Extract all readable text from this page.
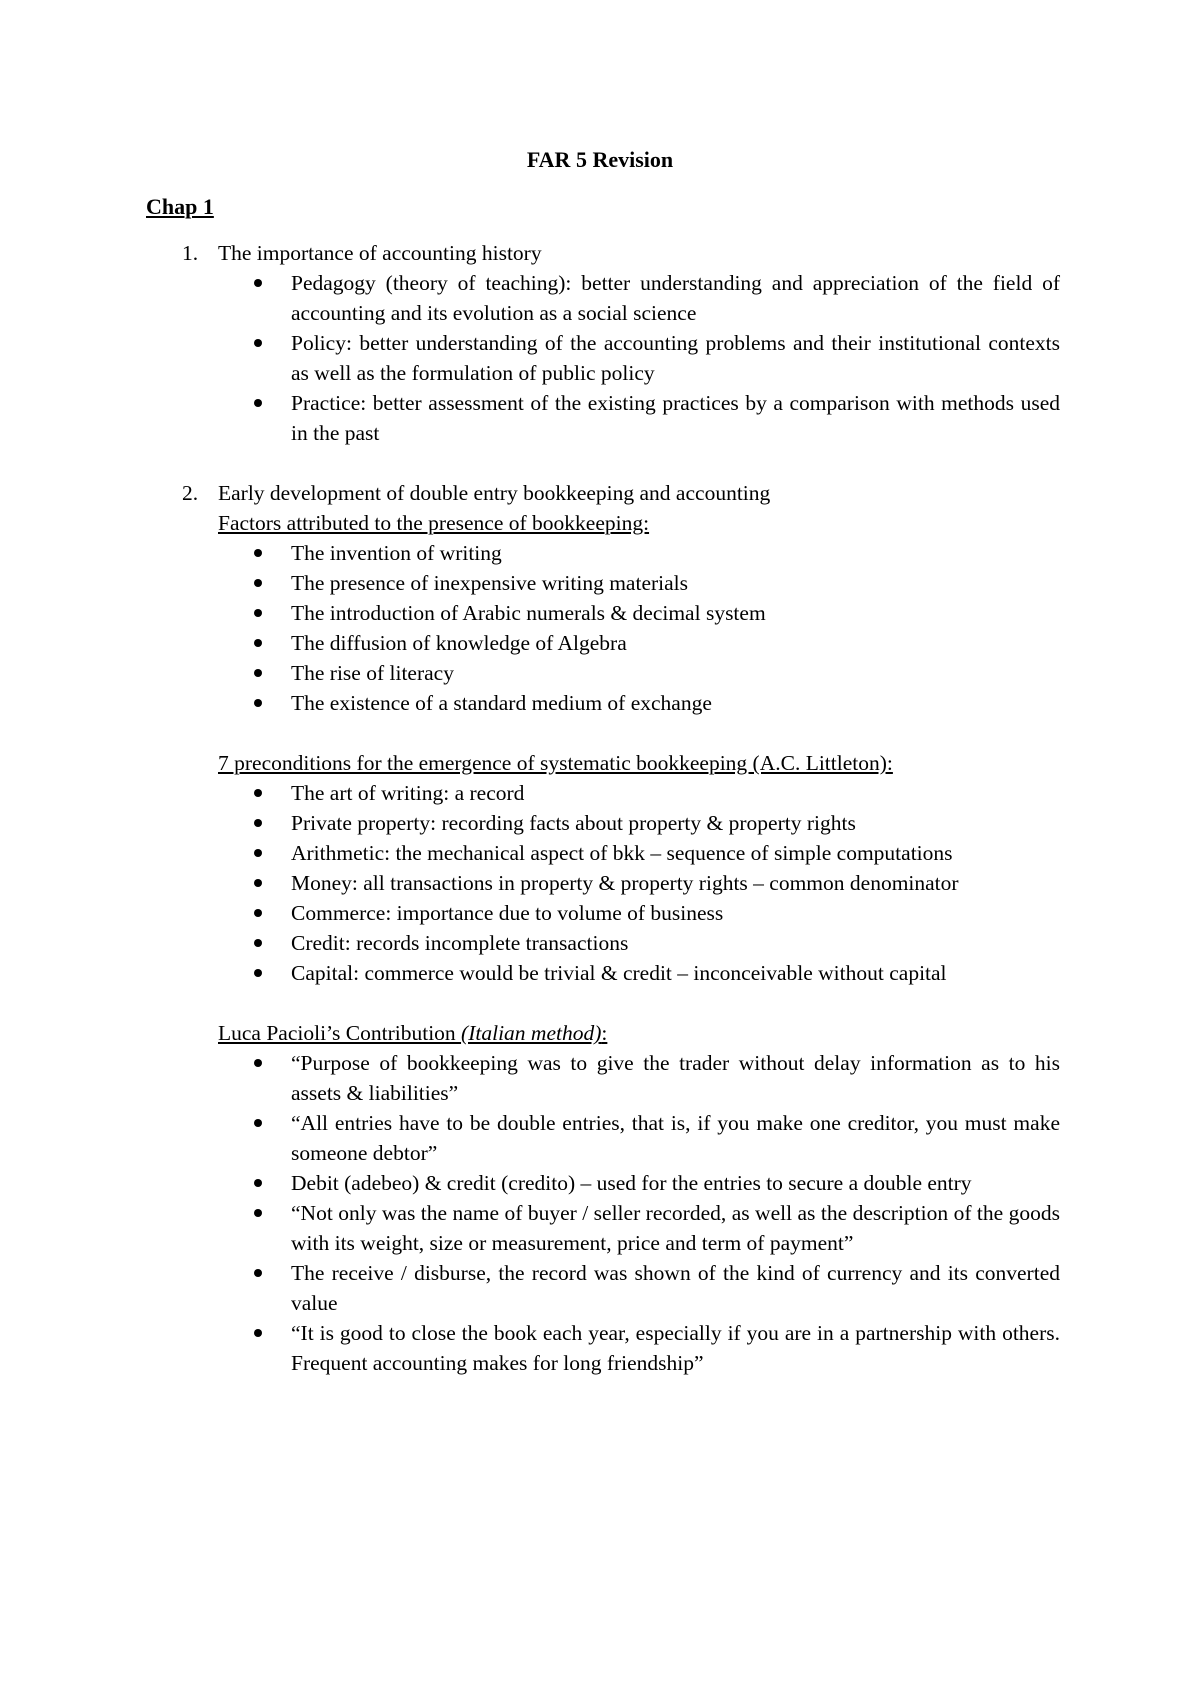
FAR 5 Revision
Chap 1
1. The importance of accounting history
Pedagogy (theory of teaching): better understanding and appreciation of the field of accounting and its evolution as a social science
Policy: better understanding of the accounting problems and their institutional contexts as well as the formulation of public policy
Practice: better assessment of the existing practices by a comparison with methods used in the past
2. Early development of double entry bookkeeping and accounting
Factors attributed to the presence of bookkeeping:
The invention of writing
The presence of inexpensive writing materials
The introduction of Arabic numerals & decimal system
The diffusion of knowledge of Algebra
The rise of literacy
The existence of a standard medium of exchange
7 preconditions for the emergence of systematic bookkeeping (A.C. Littleton):
The art of writing: a record
Private property: recording facts about property & property rights
Arithmetic: the mechanical aspect of bkk – sequence of simple computations
Money: all transactions in property & property rights – common denominator
Commerce: importance due to volume of business
Credit: records incomplete transactions
Capital: commerce would be trivial & credit – inconceivable without capital
Luca Pacioli’s Contribution (Italian method):
“Purpose of bookkeeping was to give the trader without delay information as to his assets & liabilities”
“All entries have to be double entries, that is, if you make one creditor, you must make someone debtor”
Debit (adebeo) & credit (credito) – used for the entries to secure a double entry
“Not only was the name of buyer / seller recorded, as well as the description of the goods with its weight, size or measurement, price and term of payment”
The receive / disburse, the record was shown of the kind of currency and its converted value
“It is good to close the book each year, especially if you are in a partnership with others. Frequent accounting makes for long friendship”
